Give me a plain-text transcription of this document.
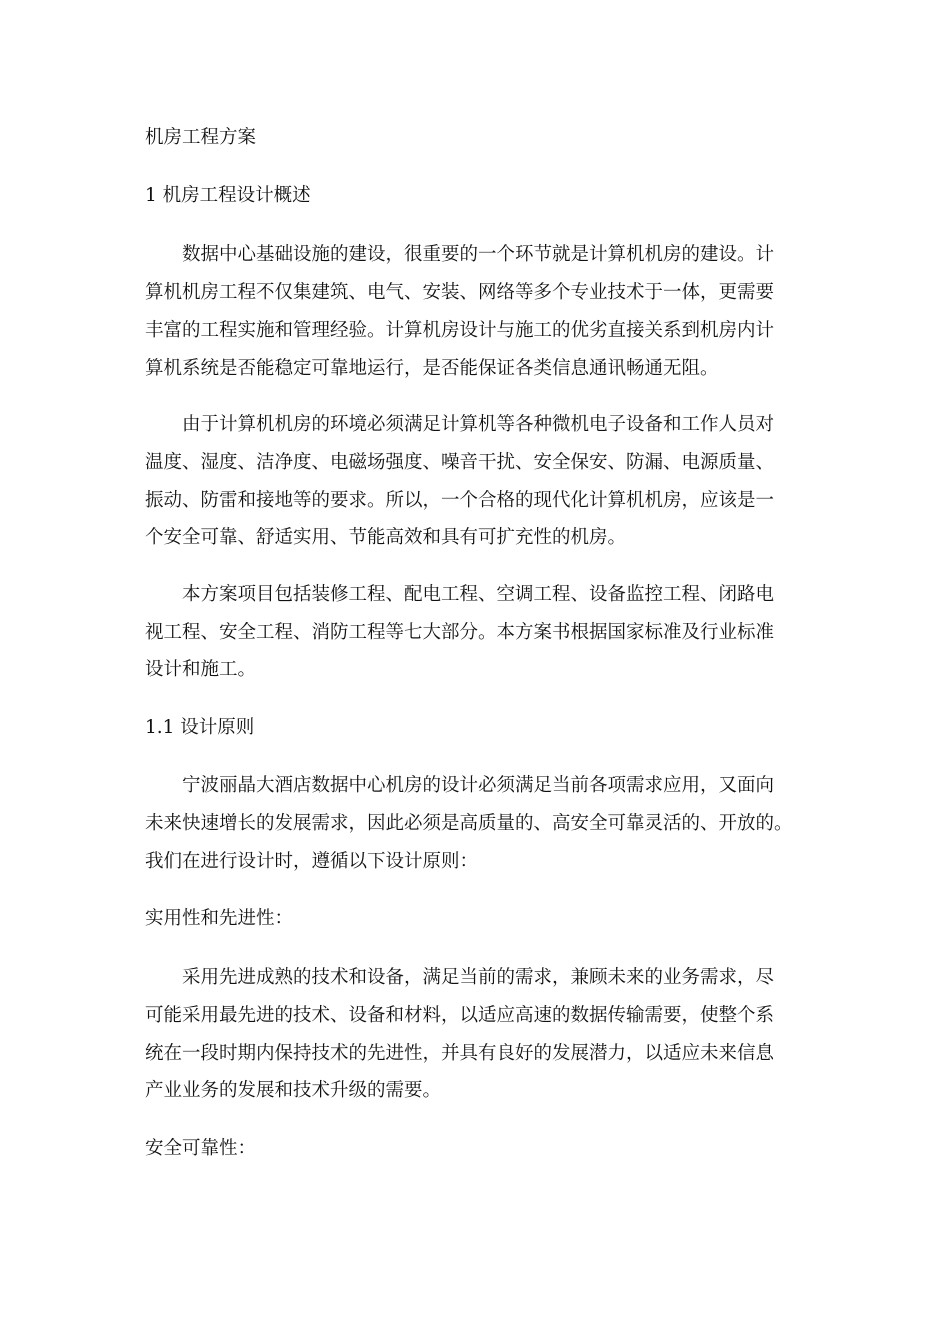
机房工程方案
1 机房工程设计概述
数据中心基础设施的建设，很重要的一个环节就是计算机机房的建设。计
算机机房工程不仅集建筑、电气、安装、网络等多个专业技术于一体，更需要
丰富的工程实施和管理经验。计算机房设计与施工的优劣直接关系到机房内计
算机系统是否能稳定可靠地运行，是否能保证各类信息通讯畅通无阻。
由于计算机机房的环境必须满足计算机等各种微机电子设备和工作人员对
温度、湿度、洁净度、电磁场强度、噪音干扰、安全保安、防漏、电源质量、
振动、防雷和接地等的要求。所以，一个合格的现代化计算机机房，应该是一
个安全可靠、舒适实用、节能高效和具有可扩充性的机房。
本方案项目包括装修工程、配电工程、空调工程、设备监控工程、闭路电
视工程、安全工程、消防工程等七大部分。本方案书根据国家标准及行业标准
设计和施工。
1.1 设计原则
宁波丽晶大酒店数据中心机房的设计必须满足当前各项需求应用，又面向
未来快速增长的发展需求，因此必须是高质量的、高安全可靠灵活的、开放的。
我们在进行设计时，遵循以下设计原则：
实用性和先进性：
采用先进成熟的技术和设备，满足当前的需求，兼顾未来的业务需求，尽
可能采用最先进的技术、设备和材料，以适应高速的数据传输需要，使整个系
统在一段时期内保持技术的先进性，并具有良好的发展潜力，以适应未来信息
产业业务的发展和技术升级的需要。
安全可靠性：
